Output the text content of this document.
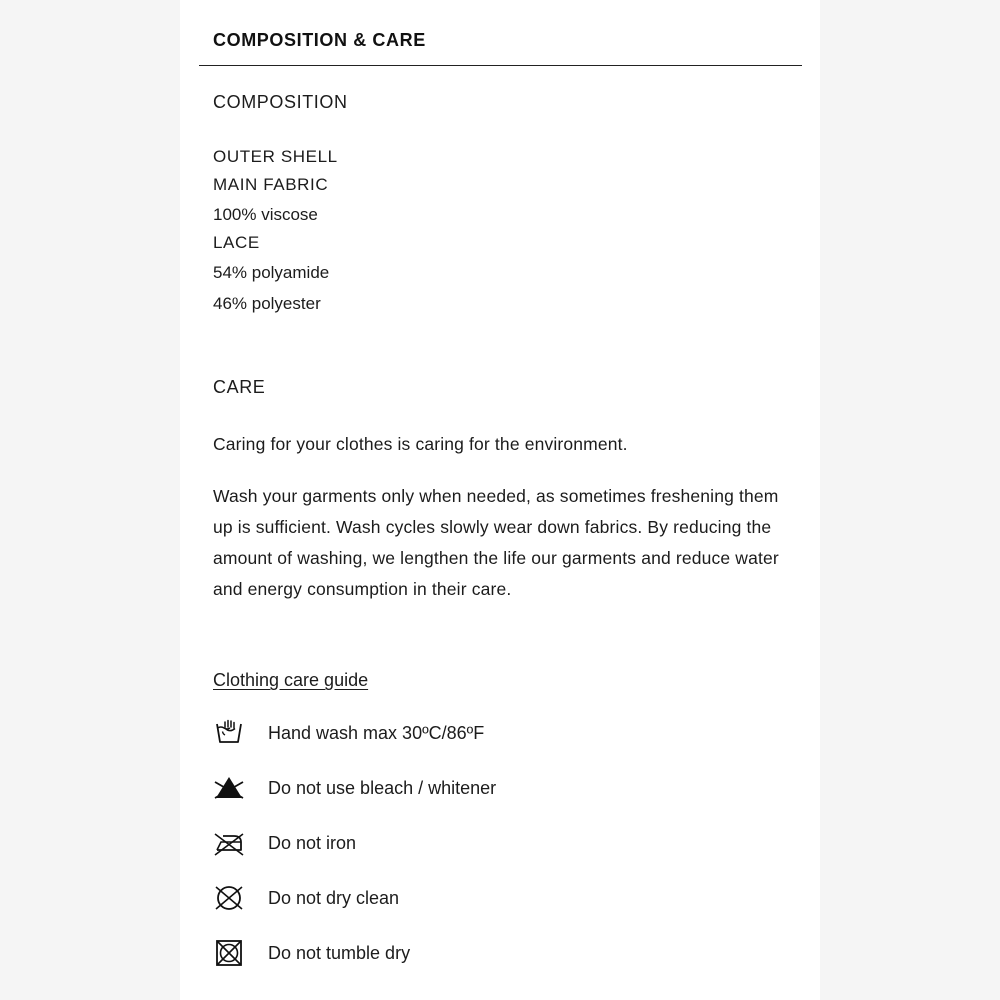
COMPOSITION & CARE
COMPOSITION
OUTER SHELL
MAIN FABRIC
100% viscose
LACE
54% polyamide
46% polyester
CARE
Caring for your clothes is caring for the environment.
Wash your garments only when needed, as sometimes freshening them up is sufficient. Wash cycles slowly wear down fabrics. By reducing the amount of washing, we lengthen the life our garments and reduce water and energy consumption in their care.
Clothing care guide
Hand wash max 30ºC/86ºF
Do not use bleach / whitener
Do not iron
Do not dry clean
Do not tumble dry
